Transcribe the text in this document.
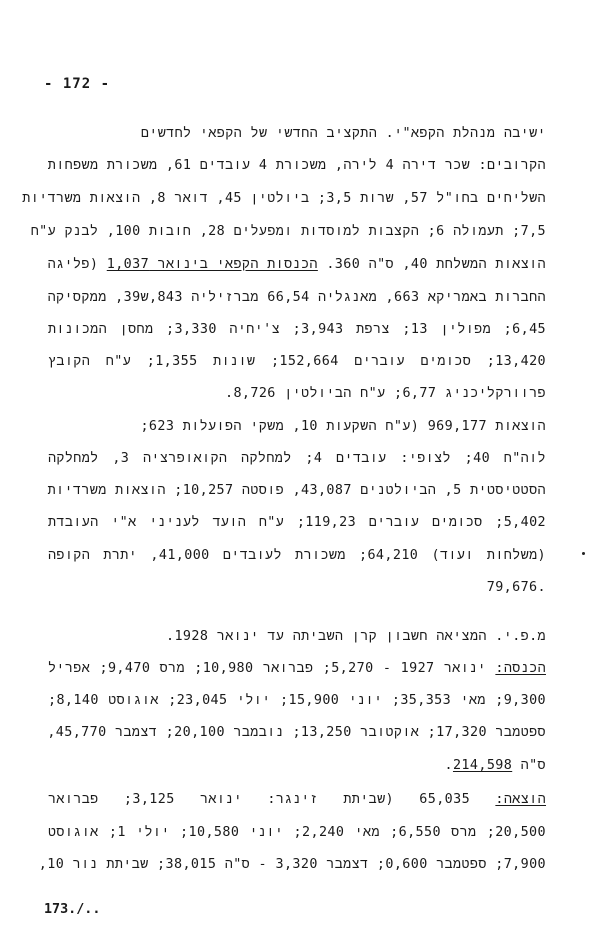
- 172 -
ישיבה מנהלת הקפא"י. התקציב החדשי של הקפאי לחדשים
הקרובים: שכר דירה 4 לירה, משכורת 4 עובדים 61, משכורת משפחות
השליחים בחו"ל 57, שרות 3,5; ביולטין 45, דואר 8, הוצאות משרדיות
7,5; תעמולה 6; הקצבות למוסדות ומפעלים 28, חובות 100, לבנק ע"ח
הוצאות המשלחת 40, ס"ה 360. הכנסות הקפאי בינואר 1,037 (פליגה
החברות באמריקא 663, מאנגליה 66,54 מברזיליה 843,ש39, ממקסיקה
6,45; מפולין 13; צרפת 3,943; צ'יחיה 3,330; מחסן המכונות
13,420; סכומים עוברים 152,664; שונות 1,355; ע"ח הקובץ
פרוורקליכניג 6,77; ע"ח הביולטין 8,726.
הוצאות 969,177 (ע"ח השקעות 10, משקי הפועלות 623;
לוה"ח 40; לצופי: עובדים 4; למחלקה הקואופרציה 3, למחלקה
הסטטיסטית 5, הביולטנים 43,087, פוסטה 10,257; הוצאות משרדיות
5,402; סכומים עוברים 119,23; ע"ח הועד לעניני א"י העובדת
(משלחות ועוד) 64,210; משכורת לעובדים 41,000, יתרת הקופה
.79,676
מ.פ.י. המציאה חשבון קרן השביתה עד ינואר 1928.
הכנסה: ינואר 1927 - 5,270; פברואר 10,980; מרס 9,470; אפריל
9,300; מאי 35,353; יוני 15,900; יולי 23,045; אוגוסט 8,140;
ספטמבר 17,320; אוקטובר 13,250; נובמבר 20,100; דצמבר 45,770,
ס"ה 214,598.
הוצאה: 65,035 (שביתת זינגר: ינואר 3,125; פברואר
20,500; מרס 6,550; מאי 2,240; יוני 10,580; יולי 1; אוגוסט
7,900; ספטמבר 0,600; דצמבר 3,320 - ס"ה 38,015; שביתת נור 10,
173./..
